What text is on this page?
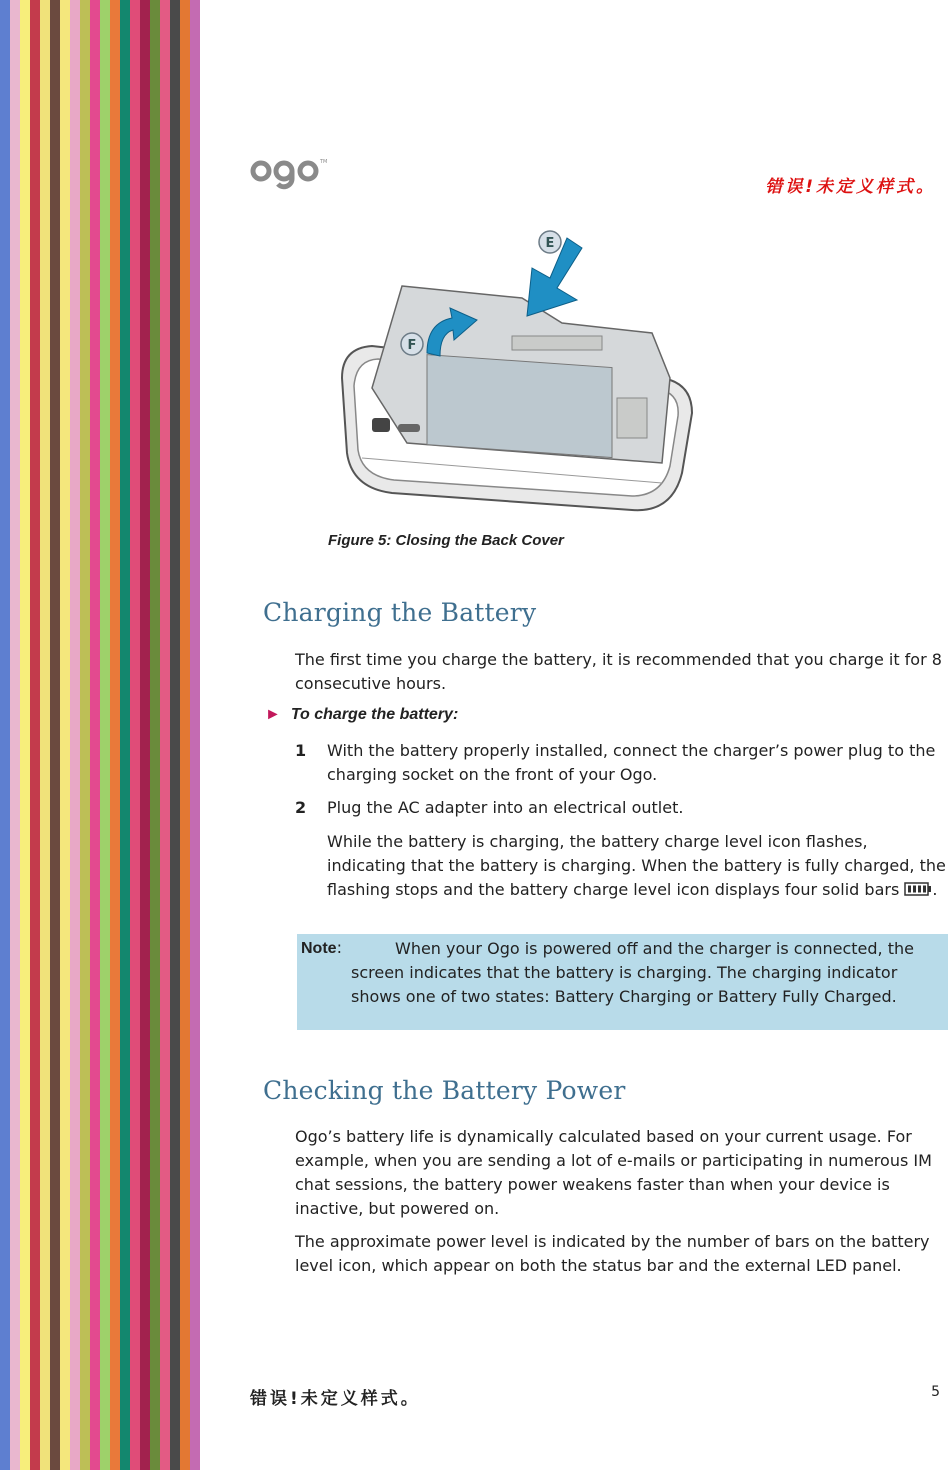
TM
错误!未定义样式。
E
F
Figure 5: Closing the Back Cover
Charging the Battery

The first time you charge the battery, it is recommended that you charge it for 8 consecutive hours.

► To charge the battery:
1 With the battery properly installed, connect the charger’s power plug to the charging socket on the front of your Ogo.
2 Plug the AC adapter into an electrical outlet.
While the battery is charging, the battery charge level icon flashes, indicating that the battery is charging. When the battery is fully charged, the flashing stops and the battery charge level icon displays four solid bars .
Note:	When your Ogo is powered off and the charger is connected, the screen indicates that the battery is charging. The charging indicator shows one of two states: Battery Charging or Battery Fully Charged.
Checking the Battery Power

Ogo’s battery life is dynamically calculated based on your current usage. For example, when you are sending a lot of e-mails or participating in numerous IM chat sessions, the battery power weakens faster than when your device is inactive, but powered on.

The approximate power level is indicated by the number of bars on the battery level icon, which appear on both the status bar and the external LED panel.

错误!未定义样式。	5
